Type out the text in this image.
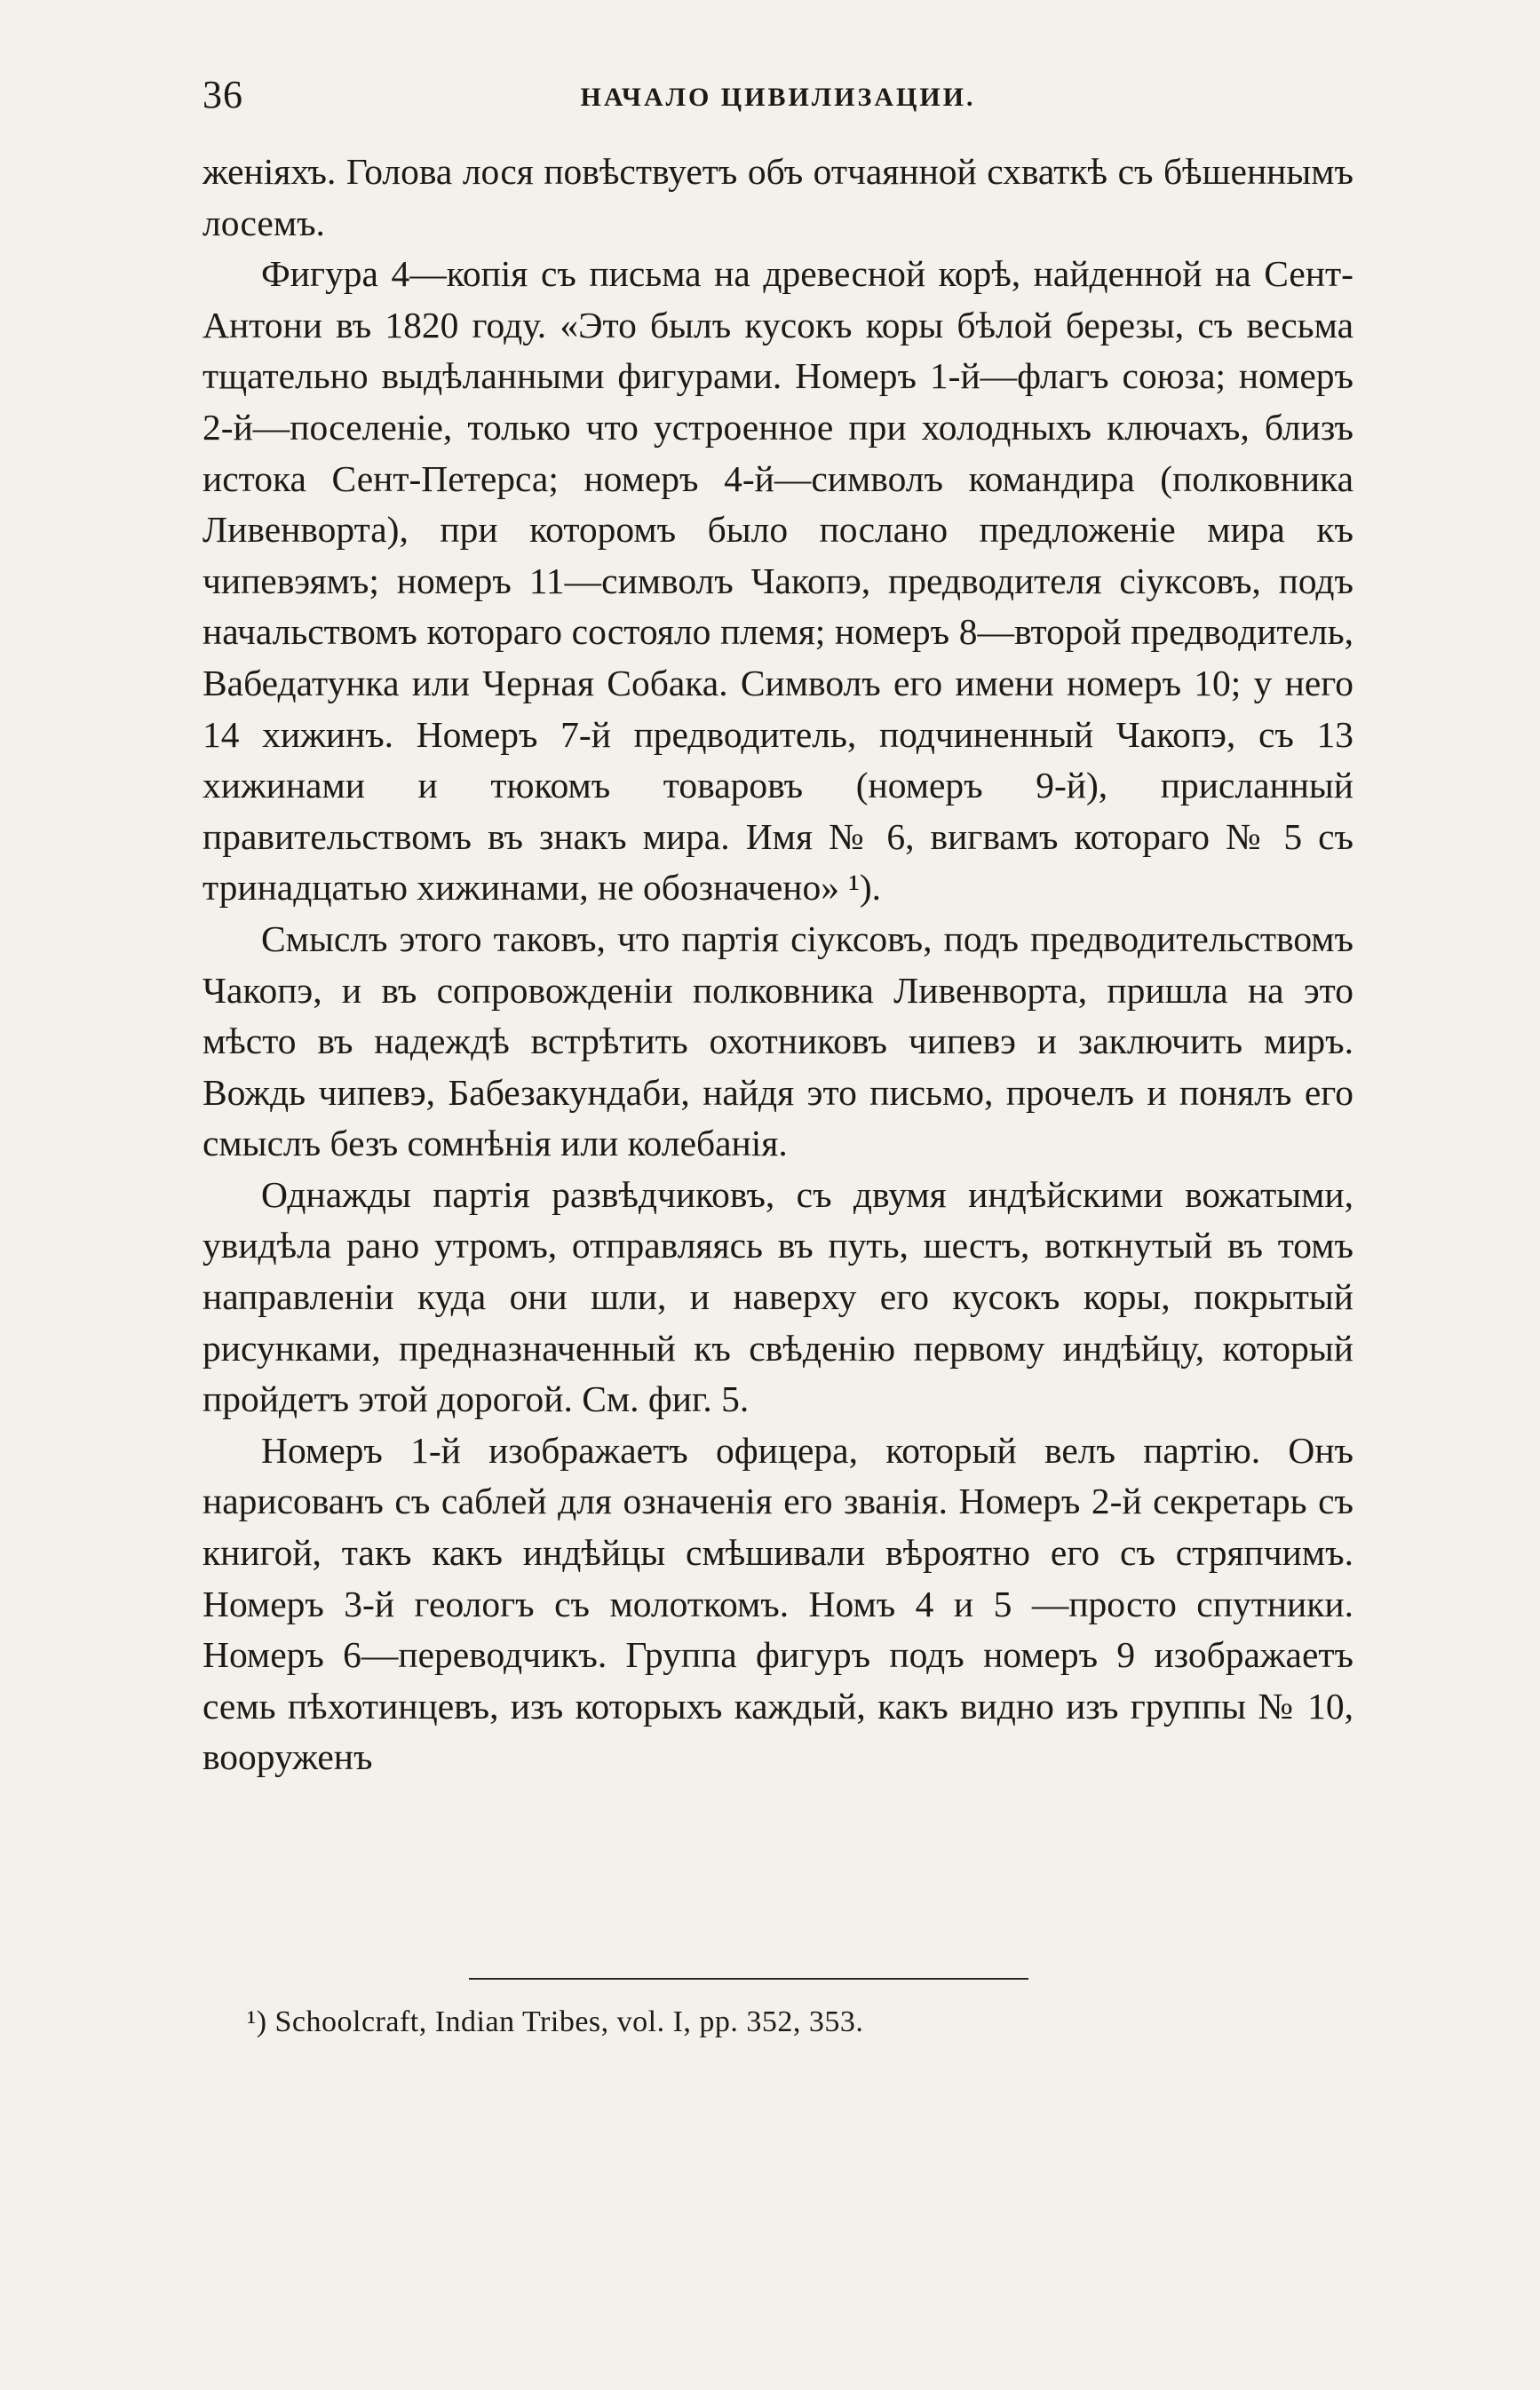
36	НАЧАЛО ЦИВИЛИЗАЦИИ.

женіяхъ. Голова лося повѣствуетъ объ отчаянной схваткѣ съ бѣшеннымъ лосемъ.

Фигура 4—копія съ письма на древесной корѣ, найденной на Сент-Антони въ 1820 году. «Это былъ кусокъ коры бѣлой березы, съ весьма тщательно выдѣланными фигурами. Номеръ 1-й—флагъ союза; номеръ 2-й—поселеніе, только что устроенное при холодныхъ ключахъ, близъ истока Сент-Петерса; номеръ 4-й—символъ командира (полковника Ливенворта), при которомъ было послано предложеніе мира къ чипевэямъ; номеръ 11—символъ Чакопэ, предводителя сіуксовъ, подъ начальствомъ котораго состояло племя; номеръ 8—второй предводитель, Вабедатунка или Черная Собака. Символъ его имени номеръ 10; у него 14 хижинъ. Номеръ 7-й предводитель, подчиненный Чакопэ, съ 13 хижинами и тюкомъ товаровъ (номеръ 9-й), присланный правительствомъ въ знакъ мира. Имя № 6, вигвамъ котораго № 5 съ тринадцатью хижинами, не обозначено» ¹).

Смыслъ этого таковъ, что партія сіуксовъ, подъ предводительствомъ Чакопэ, и въ сопровожденіи полковника Ливенворта, пришла на это мѣсто въ надеждѣ встрѣтить охотниковъ чипевэ и заключить миръ. Вождь чипевэ, Бабезакундаби, найдя это письмо, прочелъ и понялъ его смыслъ безъ сомнѣнія или колебанія.

Однажды партія развѣдчиковъ, съ двумя индѣйскими вожатыми, увидѣла рано утромъ, отправляясь въ путь, шестъ, воткнутый въ томъ направленіи куда они шли, и наверху его кусокъ коры, покрытый рисунками, предназначенный къ свѣденію первому индѣйцу, который пройдетъ этой дорогой. См. фиг. 5.

Номеръ 1-й изображаетъ офицера, который велъ партію. Онъ нарисованъ съ саблей для означенія его званія. Номеръ 2-й секретарь съ книгой, такъ какъ индѣйцы смѣшивали вѣроятно его съ стряпчимъ. Номеръ 3-й геологъ съ молоткомъ. Номъ 4 и 5 —просто спутники. Номеръ 6—переводчикъ. Группа фигуръ подъ номеръ 9 изображаетъ семь пѣхотинцевъ, изъ которыхъ каждый, какъ видно изъ группы № 10, вооруженъ

¹) Schoolcraft, Indian Tribes, vol. I, pp. 352, 353.
